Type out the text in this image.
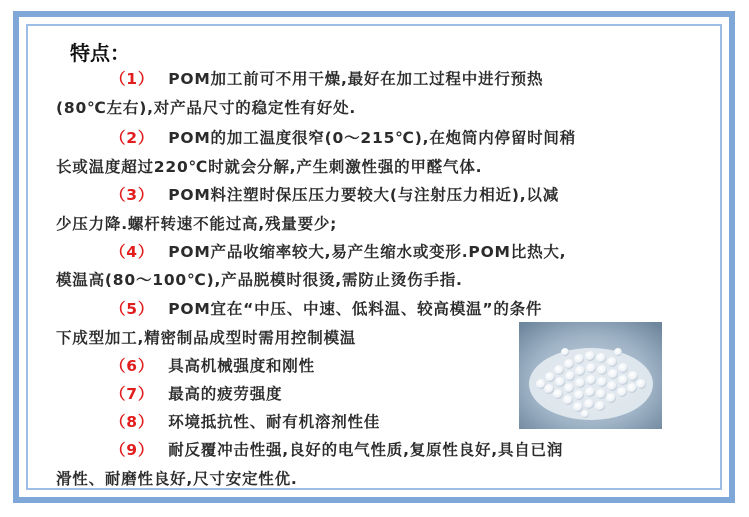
特点：
（1） POM加工前可不用干燥,最好在加工过程中进行预热
(80℃左右),对产品尺寸的稳定性有好处.
（2） POM的加工温度很窄(0～215℃),在炮筒内停留时间稍
长或温度超过220℃时就会分解,产生刺激性强的甲醛气体.
（3） POM料注塑时保压压力要较大(与注射压力相近),以减
少压力降.螺杆转速不能过高,残量要少;
（4） POM产品收缩率较大,易产生缩水或变形.POM比热大,
模温高(80～100℃),产品脱模时很烫,需防止烫伤手指.
（5） POM宜在“中压、中速、低料温、较高模温”的条件
下成型加工,精密制品成型时需用控制模温
（6） 具高机械强度和刚性
（7） 最高的疲劳强度
（8） 环境抵抗性、耐有机溶剂性佳
（9） 耐反覆冲击性强,良好的电气性质,复原性良好,具自已润
滑性、耐磨性良好,尺寸安定性优.
